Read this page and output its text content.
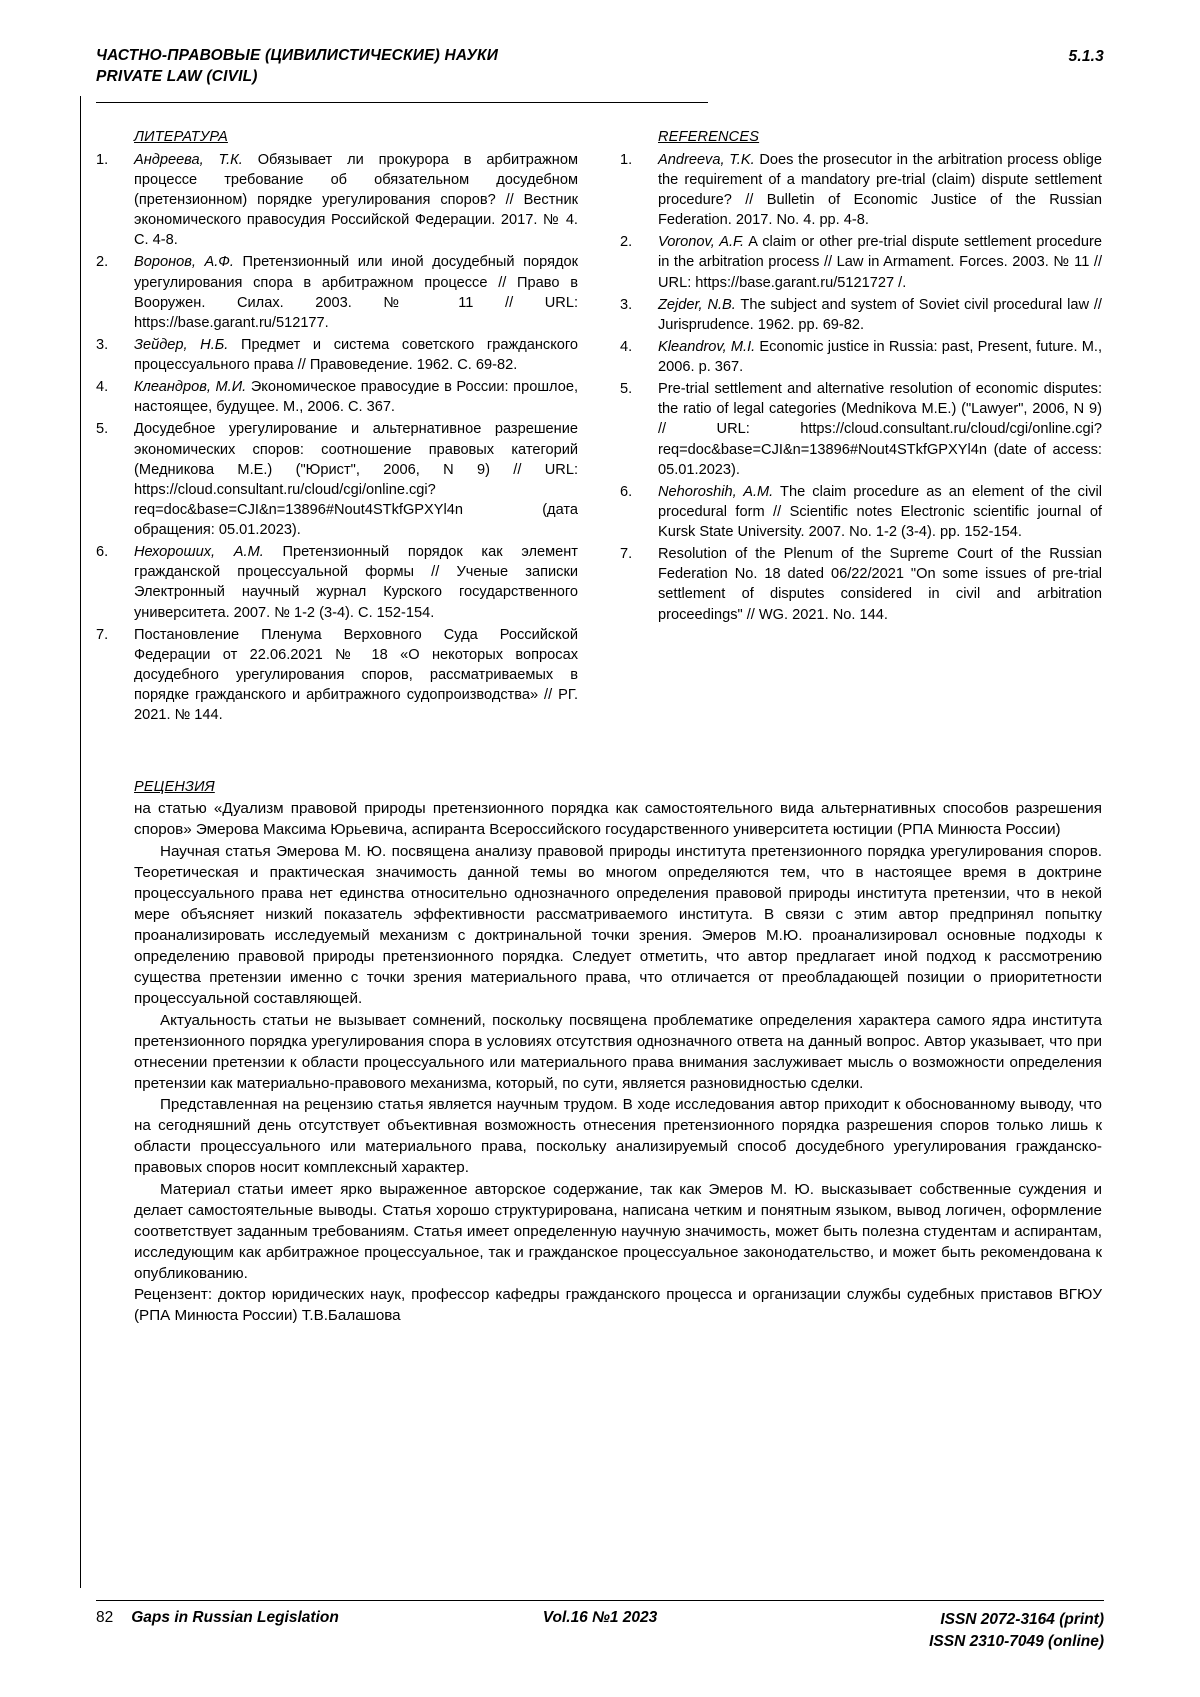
ЧАСТНО-ПРАВОВЫЕ (ЦИВИЛИСТИЧЕСКИЕ) НАУКИ
PRIVATE LAW (CIVIL)
5.1.3
ЛИТЕРАТУРА
1.	Андреева, Т.К. Обязывает ли прокурора в арбитражном процессе требование об обязательном досудебном (претензионном) порядке урегулирования споров? // Вестник экономического правосудия Российской Федерации. 2017. № 4. С. 4-8.
2.	Воронов, А.Ф. Претензионный или иной досудебный порядок урегулирования спора в арбитражном процессе // Право в Вооружен. Силах. 2003. № 11 // URL: https://base.garant.ru/512177.
3.	Зейдер, Н.Б. Предмет и система советского гражданского процессуального права // Правоведение. 1962. С. 69-82.
4.	Клеандров, М.И. Экономическое правосудие в России: прошлое, настоящее, будущее. М., 2006. С. 367.
5.	Досудебное урегулирование и альтернативное разрешение экономических споров: соотношение правовых категорий (Медникова М.Е.) ("Юрист", 2006, N 9) // URL: https://cloud.consultant.ru/cloud/cgi/online.cgi?req=doc&base=CJI&n=13896#Nout4STkfGPXYl4n (дата обращения: 05.01.2023).
6.	Нехороших, А.М. Претензионный порядок как элемент гражданской процессуальной формы // Ученые записки Электронный научный журнал Курского государственного университета. 2007. № 1-2 (3-4). С. 152-154.
7.	Постановление Пленума Верховного Суда Российской Федерации от 22.06.2021 № 18 «О некоторых вопросах досудебного урегулирования споров, рассматриваемых в порядке гражданского и арбитражного судопроизводства» // РГ. 2021. № 144.
REFERENCES
1.	Andreeva, T.K. Does the prosecutor in the arbitration process oblige the requirement of a mandatory pre-trial (claim) dispute settlement procedure? // Bulletin of Economic Justice of the Russian Federation. 2017. No. 4. pp. 4-8.
2.	Voronov, A.F. A claim or other pre-trial dispute settlement procedure in the arbitration process // Law in Armament. Forces. 2003. № 11 // URL: https://base.garant.ru/5121727 /.
3.	Zejder, N.B. The subject and system of Soviet civil procedural law // Jurisprudence. 1962. pp. 69-82.
4.	Kleandrov, M.I. Economic justice in Russia: past, Present, future. M., 2006. p. 367.
5.	Pre-trial settlement and alternative resolution of economic disputes: the ratio of legal categories (Mednikova M.E.) ("Lawyer", 2006, N 9) // URL: https://cloud.consultant.ru/cloud/cgi/online.cgi?req=doc&base=CJI&n=13896#Nout4STkfGPXYl4n (date of access: 05.01.2023).
6.	Nehoroshih, A.M. The claim procedure as an element of the civil procedural form // Scientific notes Electronic scientific journal of Kursk State University. 2007. No. 1-2 (3-4). pp. 152-154.
7.	Resolution of the Plenum of the Supreme Court of the Russian Federation No. 18 dated 06/22/2021 "On some issues of pre-trial settlement of disputes considered in civil and arbitration proceedings" // WG. 2021. No. 144.
РЕЦЕНЗИЯ

на статью «Дуализм правовой природы претензионного порядка как самостоятельного вида альтернативных способов разрешения споров» Эмерова Максима Юрьевича, аспиранта Всероссийского государственного университета юстиции (РПА Минюста России)

Научная статья Эмерова М. Ю. посвящена анализу правовой природы института претензионного порядка урегулирования споров. Теоретическая и практическая значимость данной темы во многом определяются тем, что в настоящее время в доктрине процессуального права нет единства относительно однозначного определения правовой природы института претензии, что в некой мере объясняет низкий показатель эффективности рассматриваемого института. В связи с этим автор предпринял попытку проанализировать исследуемый механизм с доктринальной точки зрения. Эмеров М.Ю. проанализировал основные подходы к определению правовой природы претензионного порядка. Следует отметить, что автор предлагает иной подход к рассмотрению существа претензии именно с точки зрения материального права, что отличается от преобладающей позиции о приоритетности процессуальной составляющей.

Актуальность статьи не вызывает сомнений, поскольку посвящена проблематике определения характера самого ядра института претензионного порядка урегулирования спора в условиях отсутствия однозначного ответа на данный вопрос. Автор указывает, что при отнесении претензии к области процессуального или материального права внимания заслуживает мысль о возможности определения претензии как материально-правового механизма, который, по сути, является разновидностью сделки.

Представленная на рецензию статья является научным трудом. В ходе исследования автор приходит к обоснованному выводу, что на сегодняшний день отсутствует объективная возможность отнесения претензионного порядка разрешения споров только лишь к области процессуального или материального права, поскольку анализируемый способ досудебного урегулирования гражданско-правовых споров носит комплексный характер.

Материал статьи имеет ярко выраженное авторское содержание, так как Эмеров М. Ю. высказывает собственные суждения и делает самостоятельные выводы. Статья хорошо структурирована, написана четким и понятным языком, вывод логичен, оформление соответствует заданным требованиям. Статья имеет определенную научную значимость, может быть полезна студентам и аспирантам, исследующим как арбитражное процессуальное, так и гражданское процессуальное законодательство, и может быть рекомендована к опубликованию.

Рецензент: доктор юридических наук, профессор кафедры гражданского процесса и организации службы судебных приставов ВГЮУ (РПА Минюста России) Т.В.Балашова

82 Gaps in Russian Legislation	Vol.16 №1 2023	ISSN 2072-3164 (print)
ISSN 2310-7049 (online)
